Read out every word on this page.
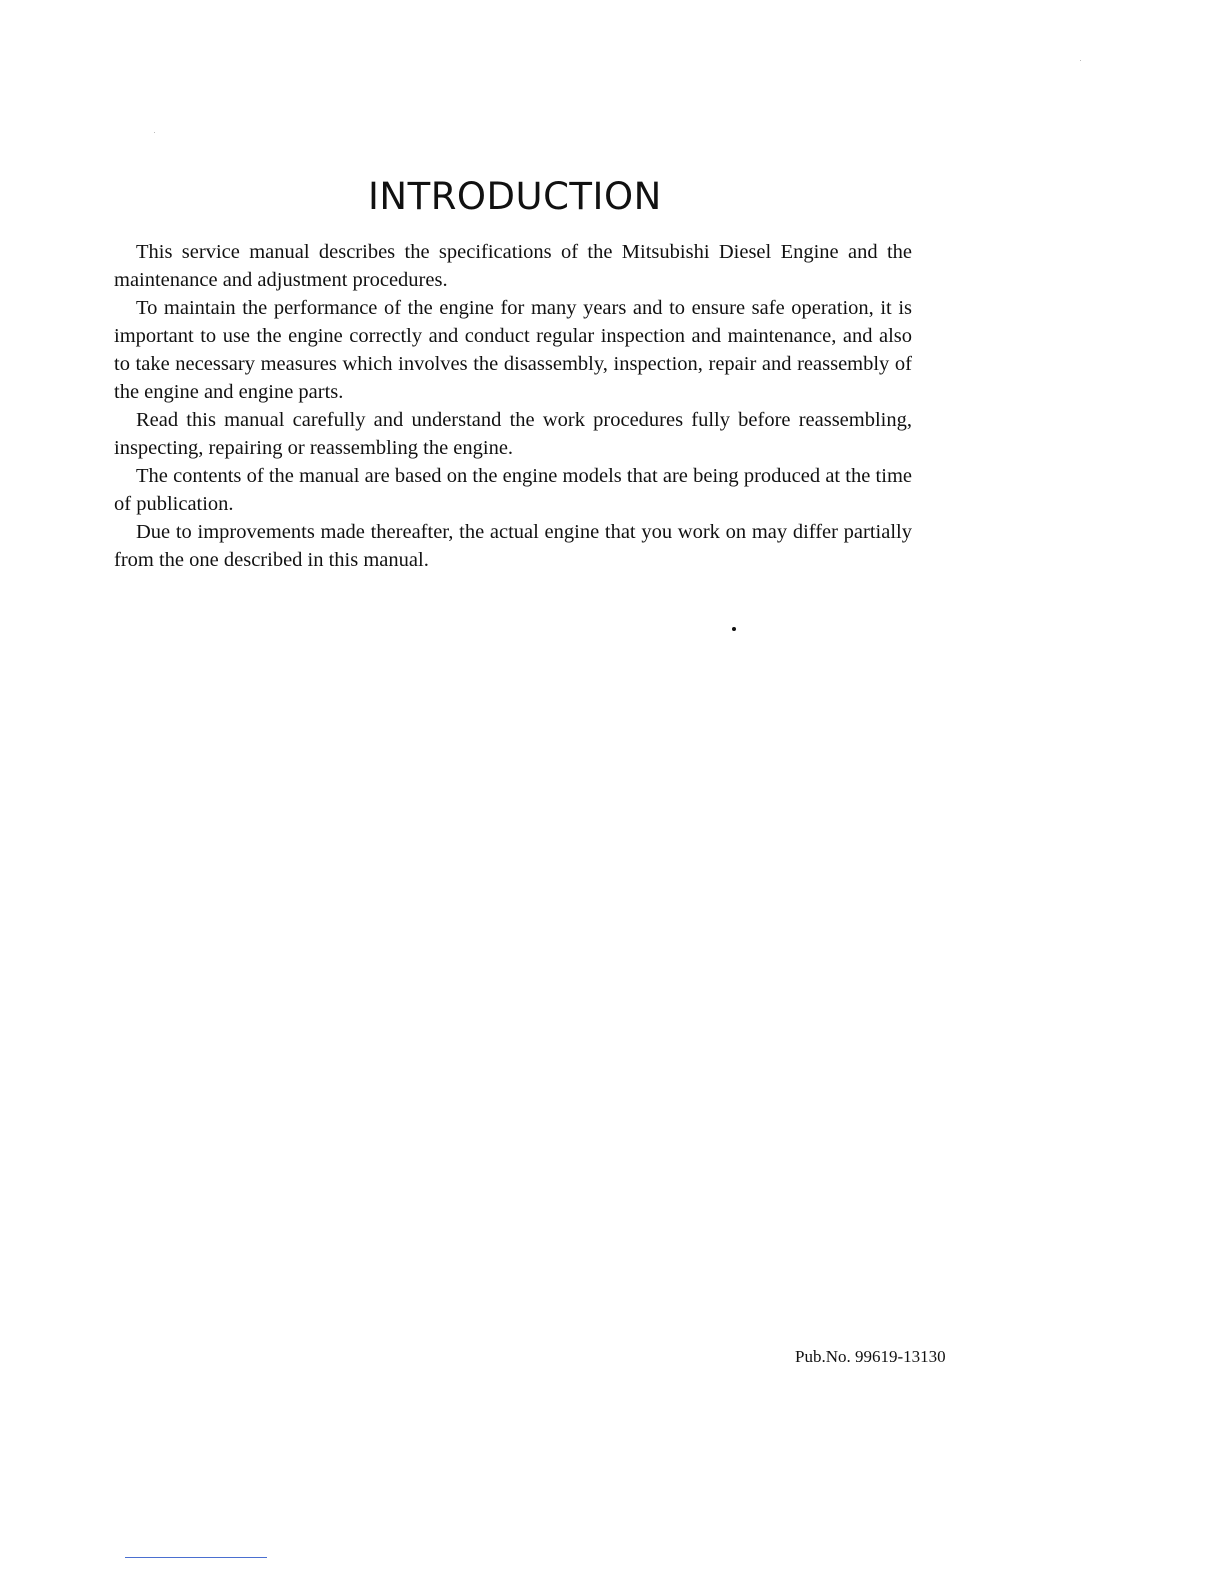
INTRODUCTION

This service manual describes the specifications of the Mitsubishi Diesel Engine and the maintenance and adjustment procedures.

To maintain the performance of the engine for many years and to ensure safe operation, it is important to use the engine correctly and conduct regular inspection and maintenance, and also to take necessary measures which involves the disassembly, inspection, repair and reassembly of the engine and engine parts.

Read this manual carefully and understand the work procedures fully before reassembling, inspecting, repairing or reassembling the engine.

The contents of the manual are based on the engine models that are being produced at the time of publication.

Due to improvements made thereafter, the actual engine that you work on may differ partially from the one described in this manual.

Pub.No. 99619-13130
